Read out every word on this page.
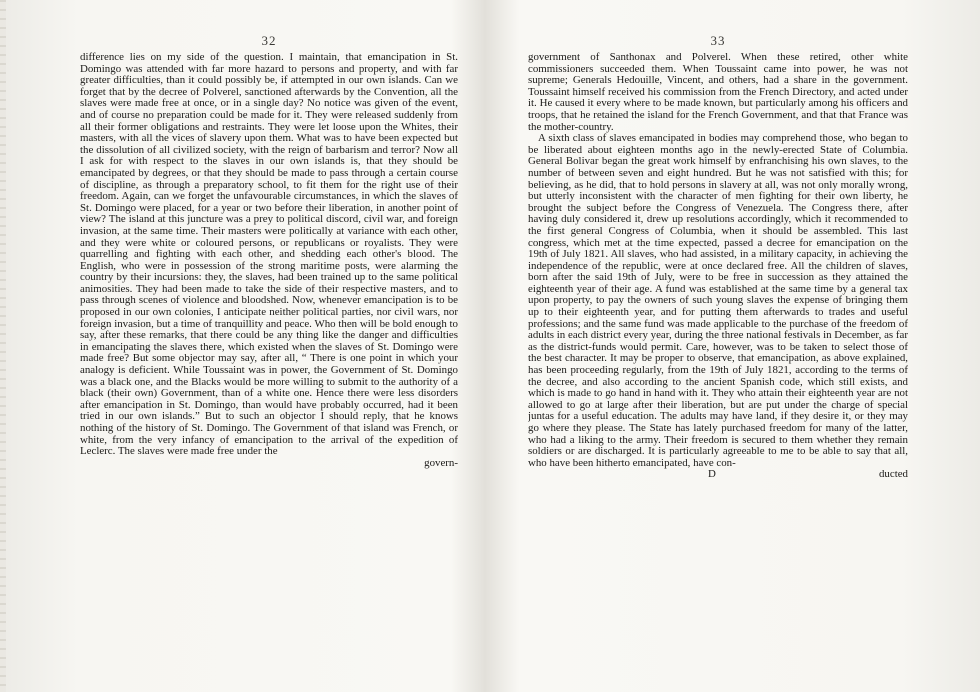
32

difference lies on my side of the question. I maintain, that emancipation in St. Domingo was attended with far more hazard to persons and property, and with far greater difficulties, than it could possibly be, if attempted in our own islands. Can we forget that by the decree of Polverel, sanctioned afterwards by the Convention, all the slaves were made free at once, or in a single day? No notice was given of the event, and of course no preparation could be made for it. They were released suddenly from all their former obligations and restraints. They were let loose upon the Whites, their masters, with all the vices of slavery upon them. What was to have been expected but the dissolution of all civilized society, with the reign of barbarism and terror? Now all I ask for with respect to the slaves in our own islands is, that they should be emancipated by degrees, or that they should be made to pass through a certain course of discipline, as through a preparatory school, to fit them for the right use of their freedom. Again, can we forget the unfavourable circumstances, in which the slaves of St. Domingo were placed, for a year or two before their liberation, in another point of view? The island at this juncture was a prey to political discord, civil war, and foreign invasion, at the same time. Their masters were politically at variance with each other, and they were white or coloured persons, or republicans or royalists. They were quarrelling and fighting with each other, and shedding each other's blood. The English, who were in possession of the strong maritime posts, were alarming the country by their incursions: they, the slaves, had been trained up to the same political animosities. They had been made to take the side of their respective masters, and to pass through scenes of violence and bloodshed. Now, whenever emancipation is to be proposed in our own colonies, I anticipate neither political parties, nor civil wars, nor foreign invasion, but a time of tranquillity and peace. Who then will be bold enough to say, after these remarks, that there could be any thing like the danger and difficulties in emancipating the slaves there, which existed when the slaves of St. Domingo were made free? But some objector may say, after all, “ There is one point in which your analogy is deficient. While Toussaint was in power, the Government of St. Domingo was a black one, and the Blacks would be more willing to submit to the authority of a black (their own) Government, than of a white one. Hence there were less disorders after emancipation in St. Domingo, than would have probably occurred, had it been tried in our own islands.” But to such an objector I should reply, that he knows nothing of the history of St. Domingo. The Government of that island was French, or white, from the very infancy of emancipation to the arrival of the expedition of Leclerc. The slaves were made free under the

govern-
33

government of Santhonax and Polverel. When these retired, other white commissioners succeeded them. When Toussaint came into power, he was not supreme; Generals Hedouille, Vincent, and others, had a share in the government. Toussaint himself received his commission from the French Directory, and acted under it. He caused it every where to be made known, but particularly among his officers and troops, that he retained the island for the French Government, and that that France was the mother-country.

A sixth class of slaves emancipated in bodies may comprehend those, who began to be liberated about eighteen months ago in the newly-erected State of Columbia. General Bolivar began the great work himself by enfranchising his own slaves, to the number of between seven and eight hundred. But he was not satisfied with this; for believing, as he did, that to hold persons in slavery at all, was not only morally wrong, but utterly inconsistent with the character of men fighting for their own liberty, he brought the subject before the Congress of Venezuela. The Congress there, after having duly considered it, drew up resolutions accordingly, which it recommended to the first general Congress of Columbia, when it should be assembled. This last congress, which met at the time expected, passed a decree for emancipation on the 19th of July 1821. All slaves, who had assisted, in a military capacity, in achieving the independence of the republic, were at once declared free. All the children of slaves, born after the said 19th of July, were to be free in succession as they attained the eighteenth year of their age. A fund was established at the same time by a general tax upon property, to pay the owners of such young slaves the expense of bringing them up to their eighteenth year, and for putting them afterwards to trades and useful professions; and the same fund was made applicable to the purchase of the freedom of adults in each district every year, during the three national festivals in December, as far as the district-funds would permit. Care, however, was to be taken to select those of the best character. It may be proper to observe, that emancipation, as above explained, has been proceeding regularly, from the 19th of July 1821, according to the terms of the decree, and also according to the ancient Spanish code, which still exists, and which is made to go hand in hand with it. They who attain their eighteenth year are not allowed to go at large after their liberation, but are put under the charge of special juntas for a useful education. The adults may have land, if they desire it, or they may go where they please. The State has lately purchased freedom for many of the latter, who had a liking to the army. Their freedom is secured to them whether they remain soldiers or are discharged. It is particularly agreeable to me to be able to say that all, who have been hitherto emancipated, have con-

D	ducted
